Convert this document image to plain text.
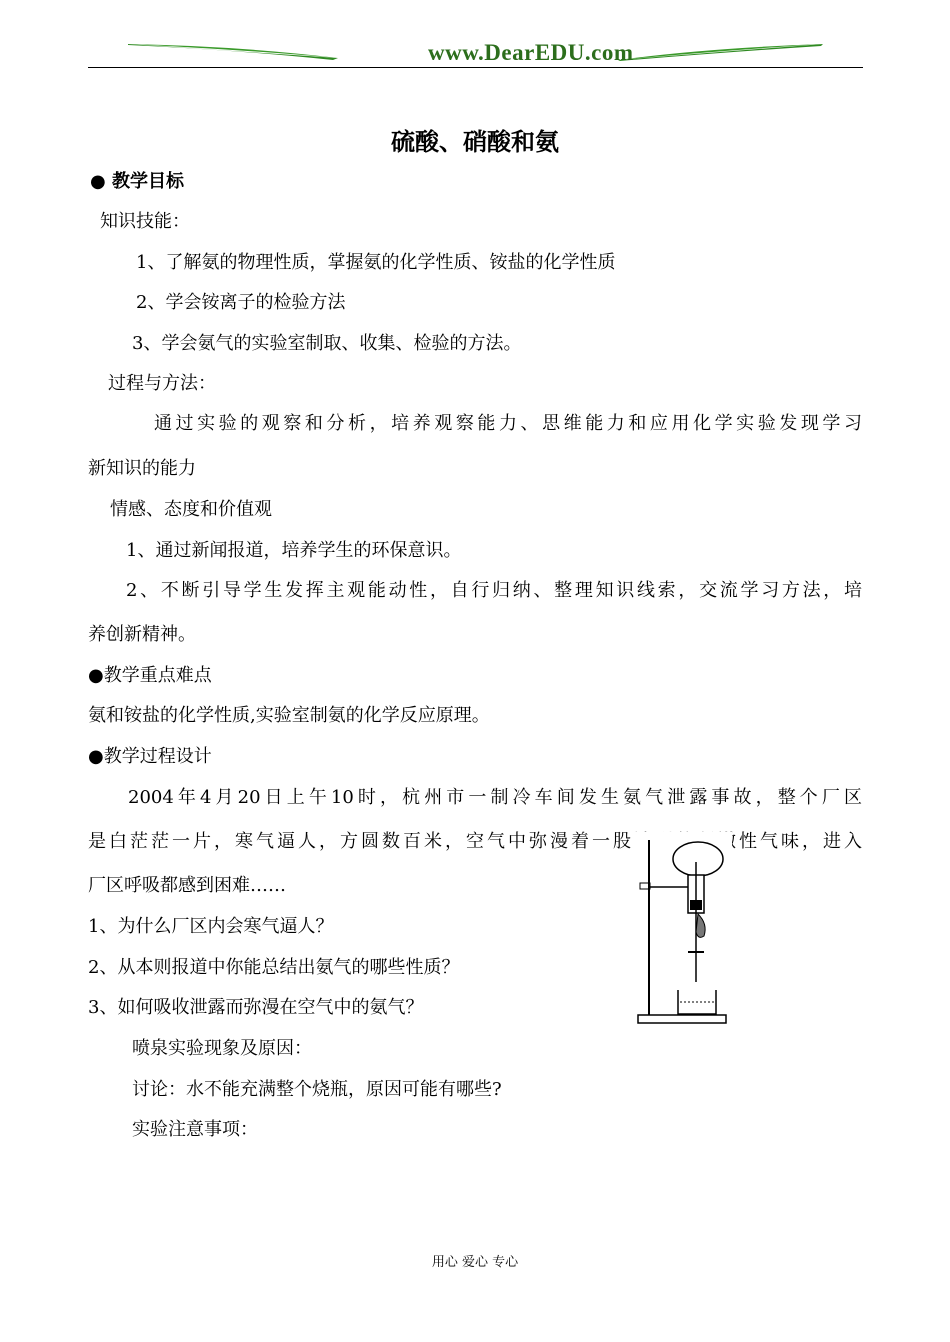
www.DearEDU.com
硫酸、硝酸和氨
● 教学目标
知识技能：
1、了解氨的物理性质，掌握氨的化学性质、铵盐的化学性质
2、学会铵离子的检验方法
3、学会氨气的实验室制取、收集、检验的方法。
过程与方法：
通过实验的观察和分析，培养观察能力、思维能力和应用化学实验发现学习
新知识的能力
情感、态度和价值观
1、通过新闻报道，培养学生的环保意识。
2、不断引导学生发挥主观能动性，自行归纳、整理知识线索，交流学习方法，培
养创新精神。
●教学重点难点
氨和铵盐的化学性质,实验室制氨的化学反应原理。
●教学过程设计
2004年4月20日上午10时，杭州市一制冷车间发生氨气泄露事故，整个厂区
是白茫茫一片，寒气逼人，方圆数百米，空气中弥漫着一股浓烈的刺激性气味，进入
厂区呼吸都感到困难……
1、为什么厂区内会寒气逼人？
2、从本则报道中你能总结出氨气的哪些性质？
3、如何吸收泄露而弥漫在空气中的氨气？
喷泉实验现象及原因：
讨论：水不能充满整个烧瓶，原因可能有哪些?
实验注意事项：
用心 爱心 专心
